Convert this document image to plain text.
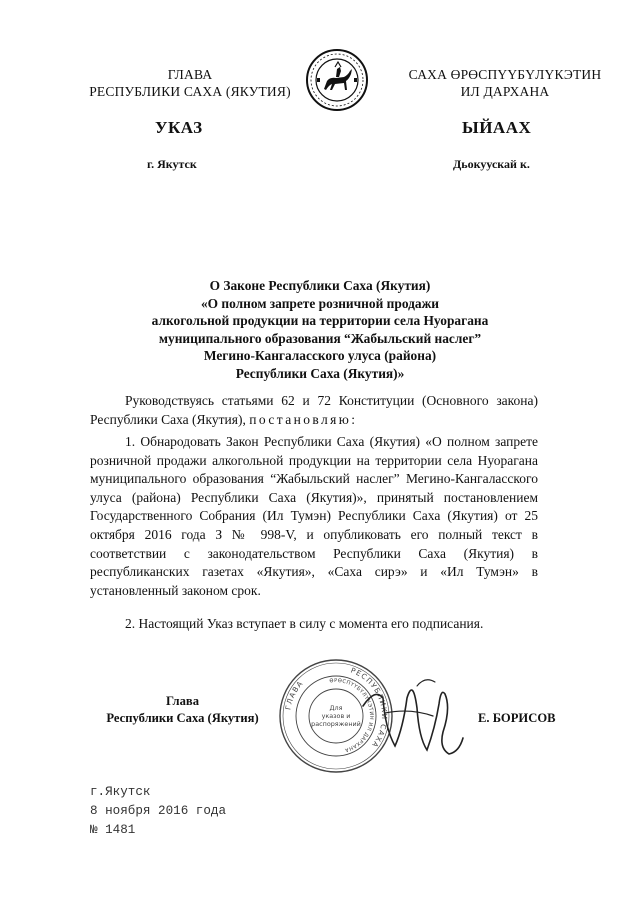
ГЛАВА
РЕСПУБЛИКИ САХА (ЯКУТИЯ)
САХА ӨРӨСПҮҮБҮЛҮКЭТИН
ИЛ ДАРХАНА
УКАЗ	ЫЙААХ
г. Якутск	Дьокуускай к.
О Законе Республики Саха (Якутия)
«О полном запрете розничной продажи
алкогольной продукции на территории села Нуорагана
муниципального образования “Жабыльский наслег”
Мегино-Кангаласского улуса (района)
Республики Саха (Якутия)»
Руководствуясь статьями 62 и 72 Конституции (Основного закона) Республики Саха (Якутия), постановляю:
1. Обнародовать Закон Республики Саха (Якутия) «О полном запрете розничной продажи алкогольной продукции на территории села Нуорагана муниципального образования “Жабыльский наслег” Мегино-Кангаласского улуса (района) Республики Саха (Якутия)», принятый постановлением Государственного Собрания (Ил Тумэн) Республики Саха (Якутия) от 25 октября 2016 года З № 998-V, и опубликовать его полный текст в соответствии с законодательством Республики Саха (Якутия) в республиканских газетах «Якутия», «Саха сирэ» и «Ил Тумэн» в установленный законом срок.
2. Настоящий Указ вступает в силу с момента его подписания.
Глава
Республики Саха (Якутия)
РЕСПУБЛИКИ САХА
ГЛАВА	ӨРӨСПҮҮБҮЛҮКЭТИН ИЛ ДАРХАНА
Для
указов и
распоряжений	Е. БОРИСОВ
г.Якутск
8 ноября 2016 года
№ 1481
